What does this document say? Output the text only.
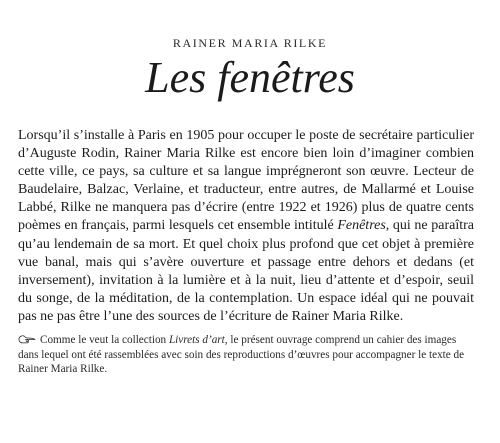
RAINER MARIA RILKE
Les fenêtres

Lorsqu’il s’installe à Paris en 1905 pour occuper le poste de secrétaire particulier d’Auguste Rodin, Rainer Maria Rilke est encore bien loin d’imaginer combien cette ville, ce pays, sa culture et sa langue imprégneront son œuvre. Lecteur de Baudelaire, Balzac, Verlaine, et traducteur, entre autres, de Mallarmé et Louise Labbé, Rilke ne manquera pas d’écrire (entre 1922 et 1926) plus de quatre cents poèmes en français, parmi lesquels cet ensemble intitulé Fenêtres, qui ne paraîtra qu’au lendemain de sa mort. Et quel choix plus profond que cet objet à première vue banal, mais qui s’avère ouverture et passage entre dehors et dedans (et inversement), invitation à la lumière et à la nuit, lieu d’attente et d’espoir, seuil du songe, de la méditation, de la contemplation. Un espace idéal qui ne pouvait pas ne pas être l’une des sources de l’écriture de Rainer Maria Rilke.

Comme le veut la collection Livrets d’art, le présent ouvrage comprend un cahier des images dans lequel ont été rassemblées avec soin des reproductions d’œuvres pour accompagner le texte de Rainer Maria Rilke.
